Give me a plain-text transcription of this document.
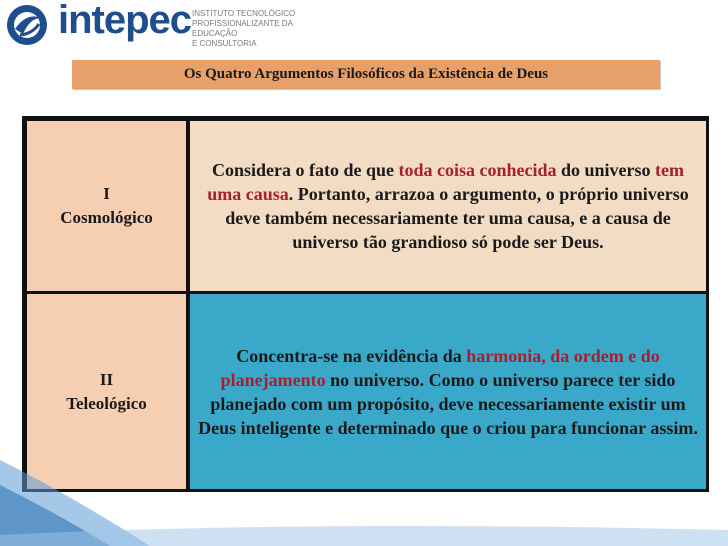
intepec INSTITUTO TECNOLÓGICO
PROFISSIONALIZANTE DA EDUCAÇÃO
E CONSULTORIA
Os Quatro Argumentos Filosóficos da Existência de Deus
I
Cosmológico
Considera o fato de que toda coisa conhecida do universo tem uma causa. Portanto, arrazoa o argumento, o próprio universo deve também necessariamente ter uma causa, e a causa de universo tão grandioso só pode ser Deus.
II
Teleológico
Concentra-se na evidência da harmonia, da ordem e do planejamento no universo. Como o universo parece ter sido planejado com um propósito, deve necessariamente existir um Deus inteligente e determinado que o criou para funcionar assim.
